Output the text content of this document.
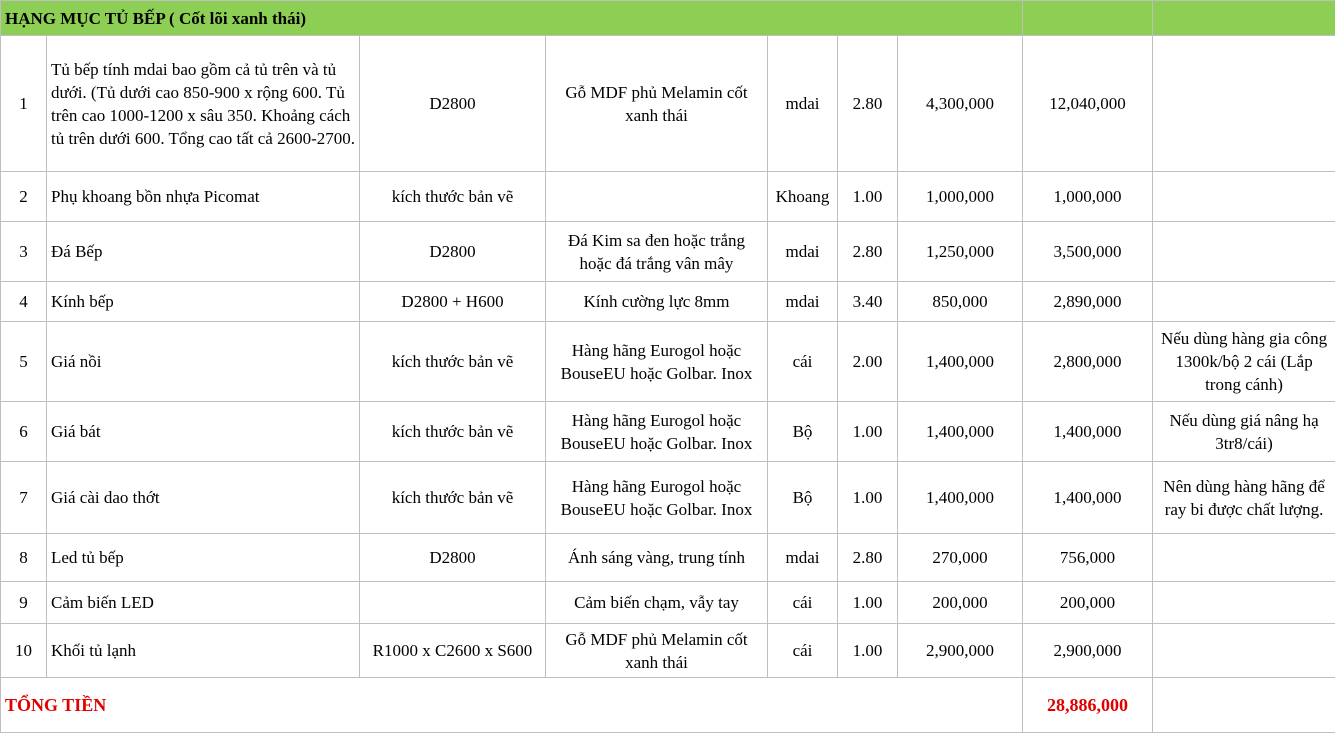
HẠNG MỤC TỦ BẾP ( Cốt lõi xanh thái)								
1	Tủ bếp tính mdai bao gồm cả tủ trên và tủ dưới. (Tủ dưới cao 850-900 x rộng 600. Tủ trên cao 1000-1200 x sâu 350. Khoảng cách tủ trên dưới 600. Tổng cao tất cả 2600-2700.	D2800	Gỗ MDF phủ Melamin cốt xanh thái	mdai	2.80	4,300,000	12,040,000	
2	Phụ khoang bồn nhựa Picomat	kích thước bản vẽ		Khoang	1.00	1,000,000	1,000,000	
3	Đá Bếp	D2800	Đá Kim sa đen hoặc trắng hoặc đá trắng vân mây	mdai	2.80	1,250,000	3,500,000	
4	Kính bếp	D2800 + H600	Kính cường lực 8mm	mdai	3.40	850,000	2,890,000	
5	Giá nồi	kích thước bản vẽ	Hàng hãng Eurogol hoặc BouseEU hoặc Golbar. Inox	cái	2.00	1,400,000	2,800,000	Nếu dùng hàng gia công 1300k/bộ 2 cái (Lắp trong cánh)
6	Giá bát	kích thước bản vẽ	Hàng hãng Eurogol hoặc BouseEU hoặc Golbar. Inox	Bộ	1.00	1,400,000	1,400,000	Nếu dùng giá nâng hạ 3tr8/cái)
7	Giá cài dao thớt	kích thước bản vẽ	Hàng hãng Eurogol hoặc BouseEU hoặc Golbar. Inox	Bộ	1.00	1,400,000	1,400,000	Nên dùng hàng hãng để ray bi được chất lượng.
8	Led tủ bếp	D2800	Ánh sáng vàng, trung tính	mdai	2.80	270,000	756,000	
9	Cảm biến LED		Cảm biến chạm, vẫy tay	cái	1.00	200,000	200,000	
10	Khối tủ lạnh	R1000 x C2600 x S600	Gỗ MDF phủ Melamin cốt xanh thái	cái	1.00	2,900,000	2,900,000	
TỔNG TIỀN							28,886,000	
